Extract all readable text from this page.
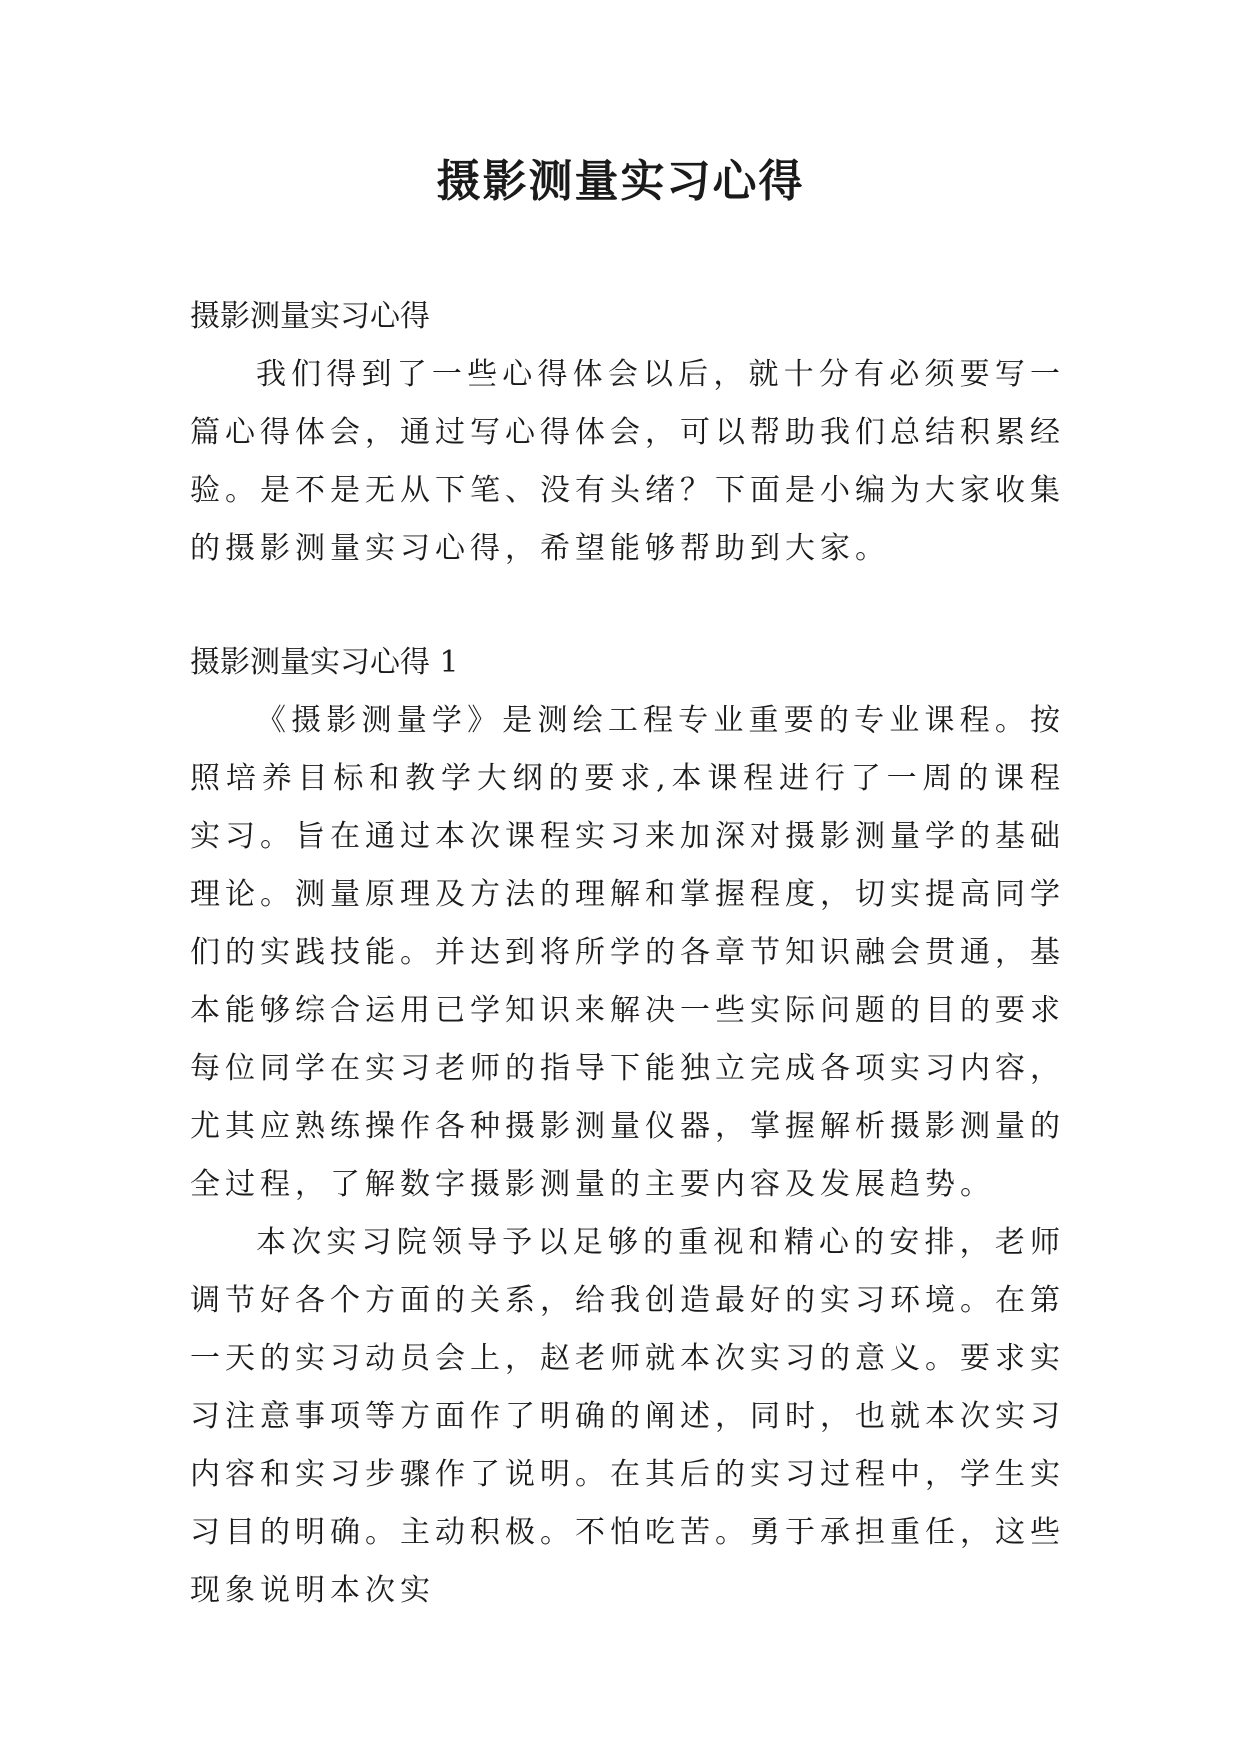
摄影测量实习心得

摄影测量实习心得

我们得到了一些心得体会以后，就十分有必须要写一篇心得体会，通过写心得体会，可以帮助我们总结积累经验。是不是无从下笔、没有头绪？下面是小编为大家收集的摄影测量实习心得，希望能够帮助到大家。

摄影测量实习心得 1

《摄影测量学》是测绘工程专业重要的专业课程。按照培养目标和教学大纲的要求,本课程进行了一周的课程实习。旨在通过本次课程实习来加深对摄影测量学的基础理论。测量原理及方法的理解和掌握程度，切实提高同学们的实践技能。并达到将所学的各章节知识融会贯通，基本能够综合运用已学知识来解决一些实际问题的目的要求每位同学在实习老师的指导下能独立完成各项实习内容，尤其应熟练操作各种摄影测量仪器，掌握解析摄影测量的全过程，了解数字摄影测量的主要内容及发展趋势。

本次实习院领导予以足够的重视和精心的安排，老师调节好各个方面的关系，给我创造最好的实习环境。在第一天的实习动员会上，赵老师就本次实习的意义。要求实习注意事项等方面作了明确的阐述，同时，也就本次实习内容和实习步骤作了说明。在其后的实习过程中，学生实习目的明确。主动积极。不怕吃苦。勇于承担重任，这些现象说明本次实
